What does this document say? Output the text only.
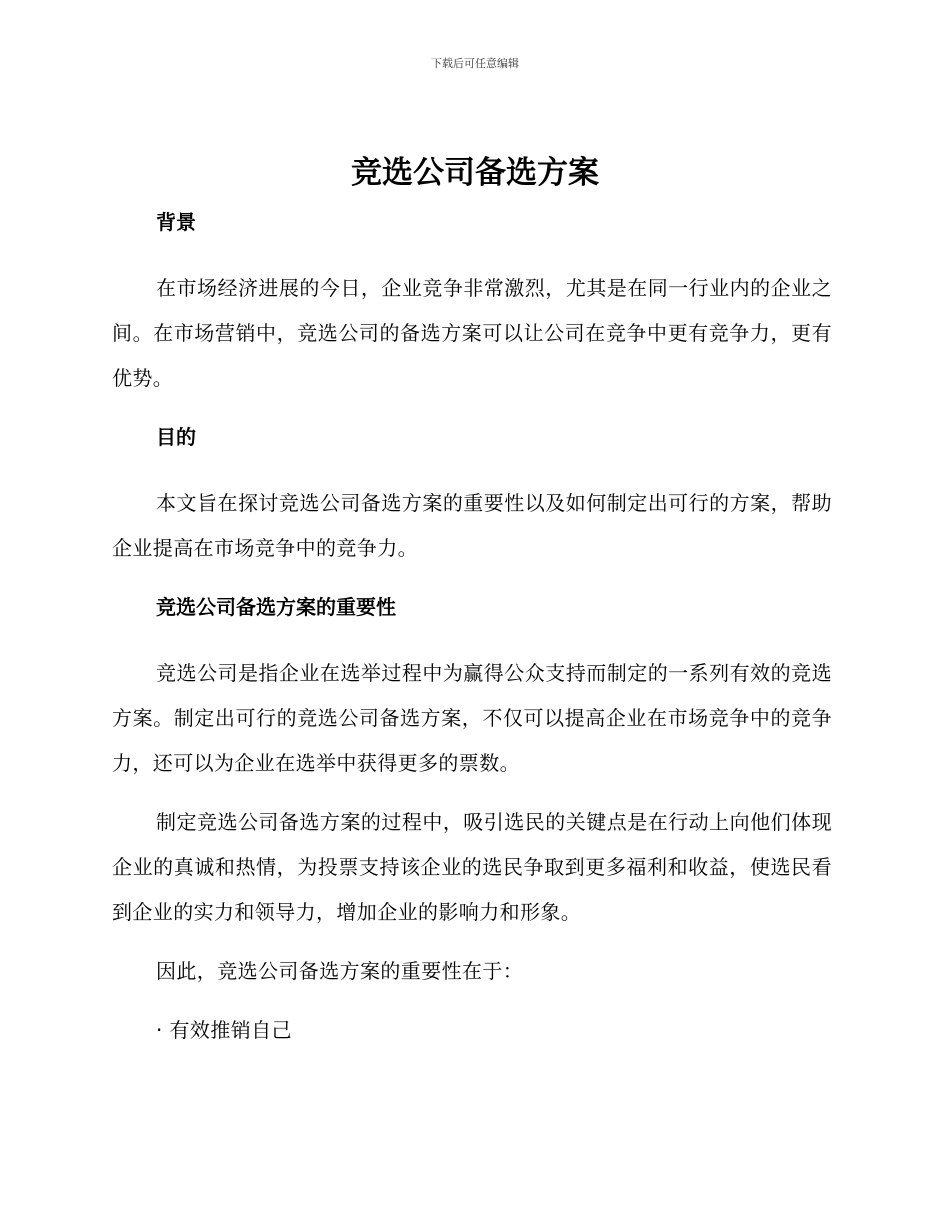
下载后可任意编辑

竞选公司备选方案
背景

在市场经济进展的今日，企业竞争非常激烈，尤其是在同一行业内的企业之间。在市场营销中，竞选公司的备选方案可以让公司在竞争中更有竞争力，更有优势。

目的

本文旨在探讨竞选公司备选方案的重要性以及如何制定出可行的方案，帮助企业提高在市场竞争中的竞争力。

竞选公司备选方案的重要性

竞选公司是指企业在选举过程中为赢得公众支持而制定的一系列有效的竞选方案。制定出可行的竞选公司备选方案，不仅可以提高企业在市场竞争中的竞争力，还可以为企业在选举中获得更多的票数。

制定竞选公司备选方案的过程中，吸引选民的关键点是在行动上向他们体现企业的真诚和热情，为投票支持该企业的选民争取到更多福利和收益，使选民看到企业的实力和领导力，增加企业的影响力和形象。

因此，竞选公司备选方案的重要性在于：

· 有效推销自己
